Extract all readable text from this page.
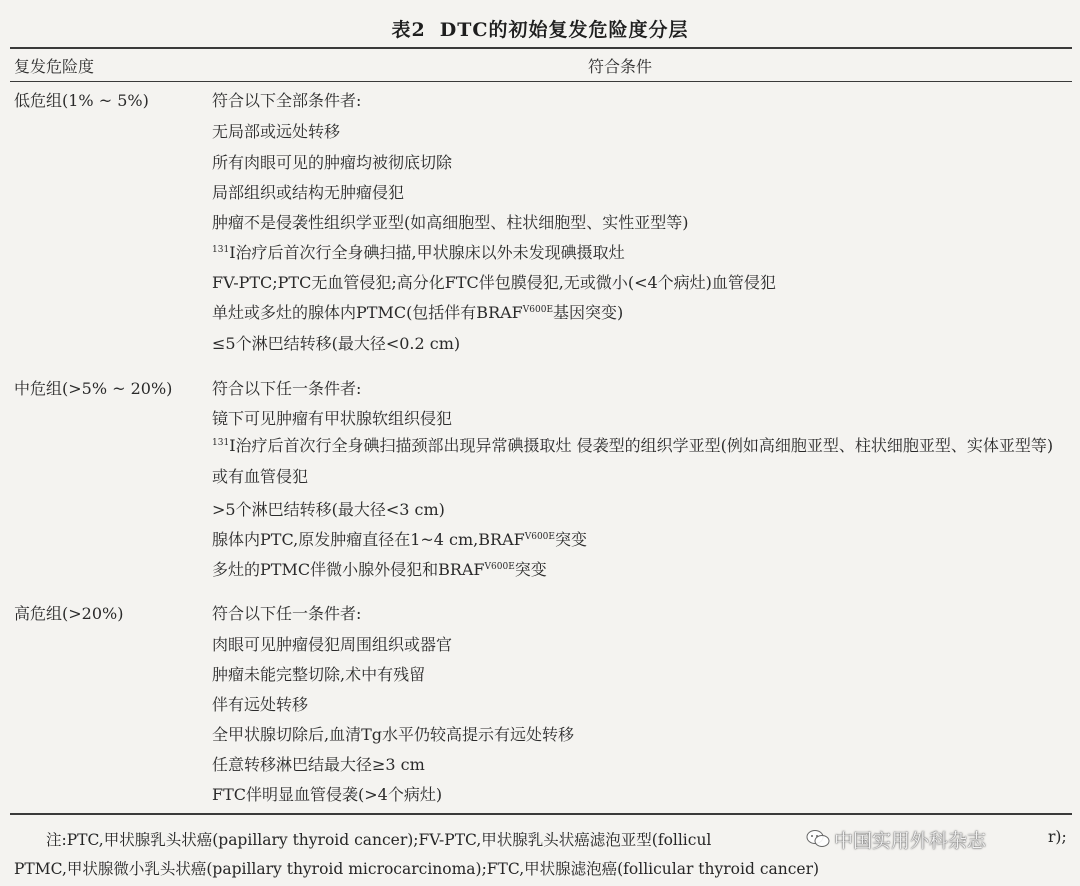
表2 DTC的初始复发危险度分层
复发危险度	符合条件
低危组(1% ~ 5%)	符合以下全部条件者:
无局部或远处转移
所有肉眼可见的肿瘤均被彻底切除
局部组织或结构无肿瘤侵犯
肿瘤不是侵袭性组织学亚型(如高细胞型、柱状细胞型、实性亚型等)
$^{131}$I治疗后首次行全身碘扫描,甲状腺床以外未发现碘摄取灶
FV-PTC;PTC无血管侵犯;高分化FTC伴包膜侵犯,无或微小(<4个病灶)血管侵犯
单灶或多灶的腺体内PTMC(包括伴有$BRAF^{V600E}$基因突变)
≤5个淋巴结转移(最大径<0.2 cm)
中危组(>5% ~ 20%) 符合以下任一条件者:
镜下可见肿瘤有甲状腺软组织侵犯
$^{131}$I治疗后首次行全身碘扫描颈部出现异常碘摄取灶 侵袭型的组织学亚型(例如高细胞亚型、柱状细胞亚型、实体亚型等)或有血管侵犯
>5个淋巴结转移(最大径<3 cm)
腺体内PTC,原发肿瘤直径在1~4 $cm,BRAF^{V600E}$突变
多灶的PTMC伴微小腺外侵犯和$BRAF^{V600E}$突变
高危组(>20%)	符合以下任一条件者:
肉眼可见肿瘤侵犯周围组织或器官
肿瘤未能完整切除,术中有残留
伴有远处转移
全甲状腺切除后,血清Tg水平仍较高提示有远处转移
任意转移淋巴结最大径≥3 cm
FTC伴明显血管侵袭(>4个病灶)
注:PTC,甲状腺乳头状癌(papillary thyroid cancer);FV-PTC,甲状腺乳头状癌滤泡亚型(follicul	r);
PTMC,甲状腺微小乳头状癌(papillary thyroid microcarcinoma);FTC,甲状腺滤泡癌(follicular thyroid cancer)
中国实用外科杂志
